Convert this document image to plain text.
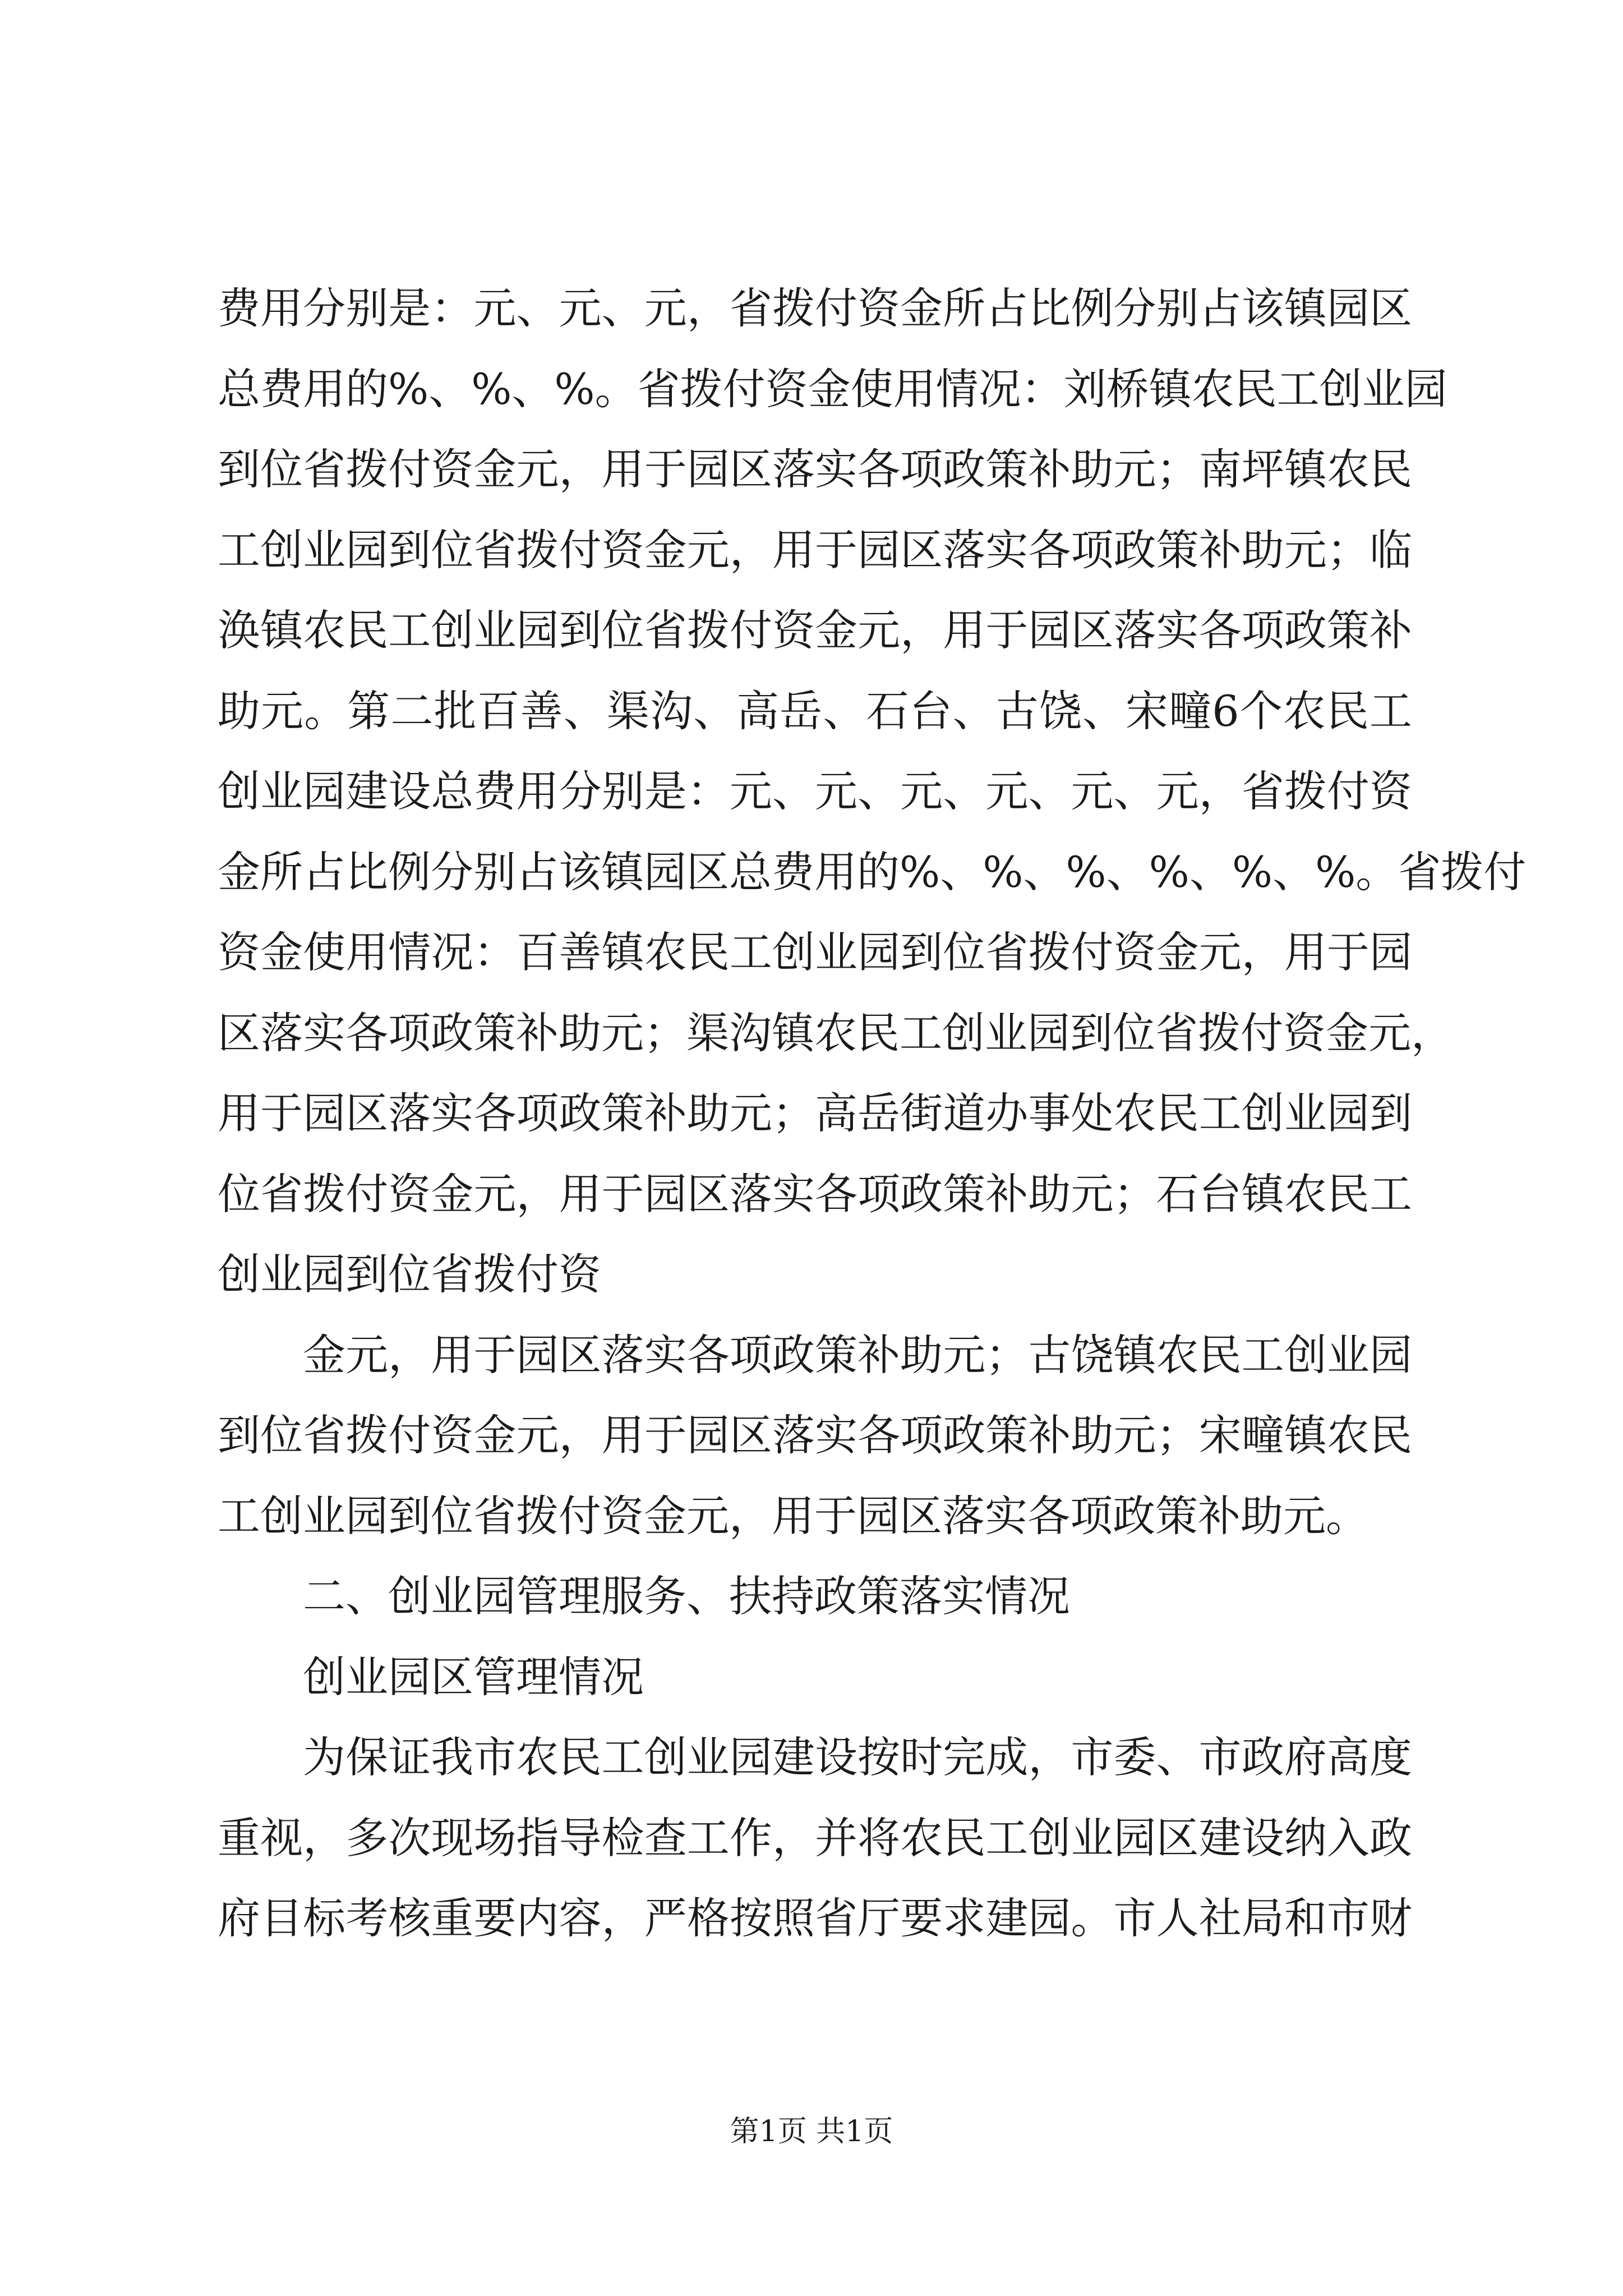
费用分别是：元、元、元，省拨付资金所占比例分别占该镇园区
总费用的%、%、%。省拨付资金使用情况：刘桥镇农民工创业园
到位省拨付资金元，用于园区落实各项政策补助元；南坪镇农民
工创业园到位省拨付资金元，用于园区落实各项政策补助元；临
涣镇农民工创业园到位省拨付资金元，用于园区落实各项政策补
助元。第二批百善、渠沟、高岳、石台、古饶、宋疃6个农民工
创业园建设总费用分别是：元、元、元、元、元、元，省拨付资
金所占比例分别占该镇园区总费用的%、%、%、%、%、%。省拨付
资金使用情况：百善镇农民工创业园到位省拨付资金元，用于园
区落实各项政策补助元；渠沟镇农民工创业园到位省拨付资金元，
用于园区落实各项政策补助元；高岳街道办事处农民工创业园到
位省拨付资金元，用于园区落实各项政策补助元；石台镇农民工
创业园到位省拨付资
金元，用于园区落实各项政策补助元；古饶镇农民工创业园
到位省拨付资金元，用于园区落实各项政策补助元；宋疃镇农民
工创业园到位省拨付资金元，用于园区落实各项政策补助元。
二、创业园管理服务、扶持政策落实情况
创业园区管理情况
为保证我市农民工创业园建设按时完成，市委、市政府高度
重视，多次现场指导检查工作，并将农民工创业园区建设纳入政
府目标考核重要内容，严格按照省厅要求建园。市人社局和市财
第1页 共1页
